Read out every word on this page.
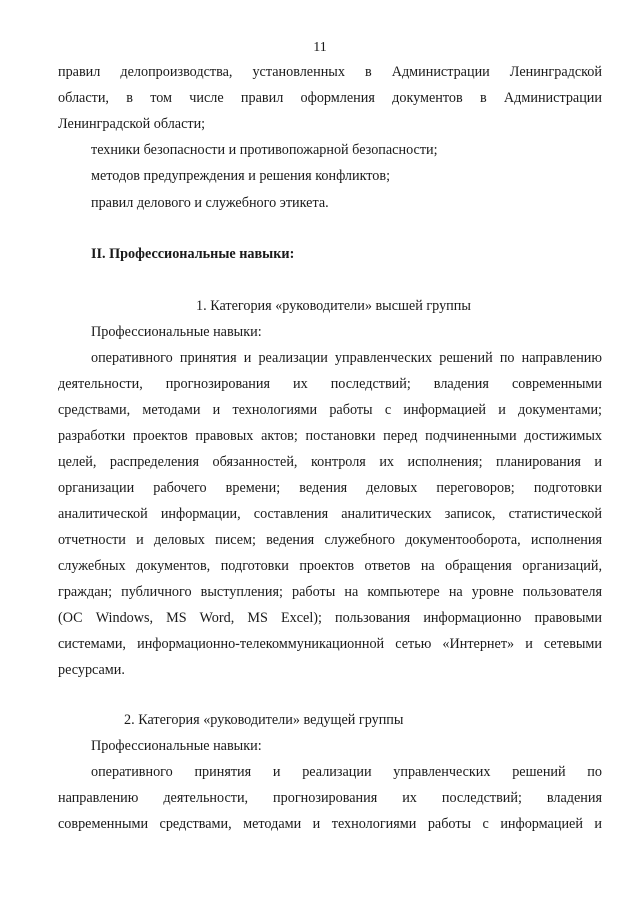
11
правил делопроизводства, установленных в Администрации Ленинградской
области, в том числе правил оформления документов в Администрации
Ленинградской области;
техники безопасности и противопожарной безопасности;
методов предупреждения и решения конфликтов;
правил делового и служебного этикета.
II. Профессиональные навыки:
1. Категория «руководители» высшей группы
Профессиональные навыки:
оперативного принятия и реализации управленческих решений по направлению
деятельности, прогнозирования их последствий; владения современными
средствами, методами и технологиями работы с информацией и документами;
разработки проектов правовых актов; постановки перед подчиненными достижимых
целей, распределения обязанностей, контроля их исполнения; планирования и
организации рабочего времени; ведения деловых переговоров; подготовки
аналитической информации, составления аналитических записок, статистической
отчетности и деловых писем; ведения служебного документооборота, исполнения
служебных документов, подготовки проектов ответов на обращения организаций,
граждан; публичного выступления; работы на компьютере на уровне пользователя
(ОС Windows, MS Word, MS Excel); пользования информационно правовыми
системами, информационно-телекоммуникационной сетью «Интернет» и сетевыми
ресурсами.
2. Категория «руководители» ведущей группы
Профессиональные навыки:
оперативного принятия и реализации управленческих решений по
направлению деятельности, прогнозирования их последствий; владения
современными средствами, методами и технологиями работы с информацией и
